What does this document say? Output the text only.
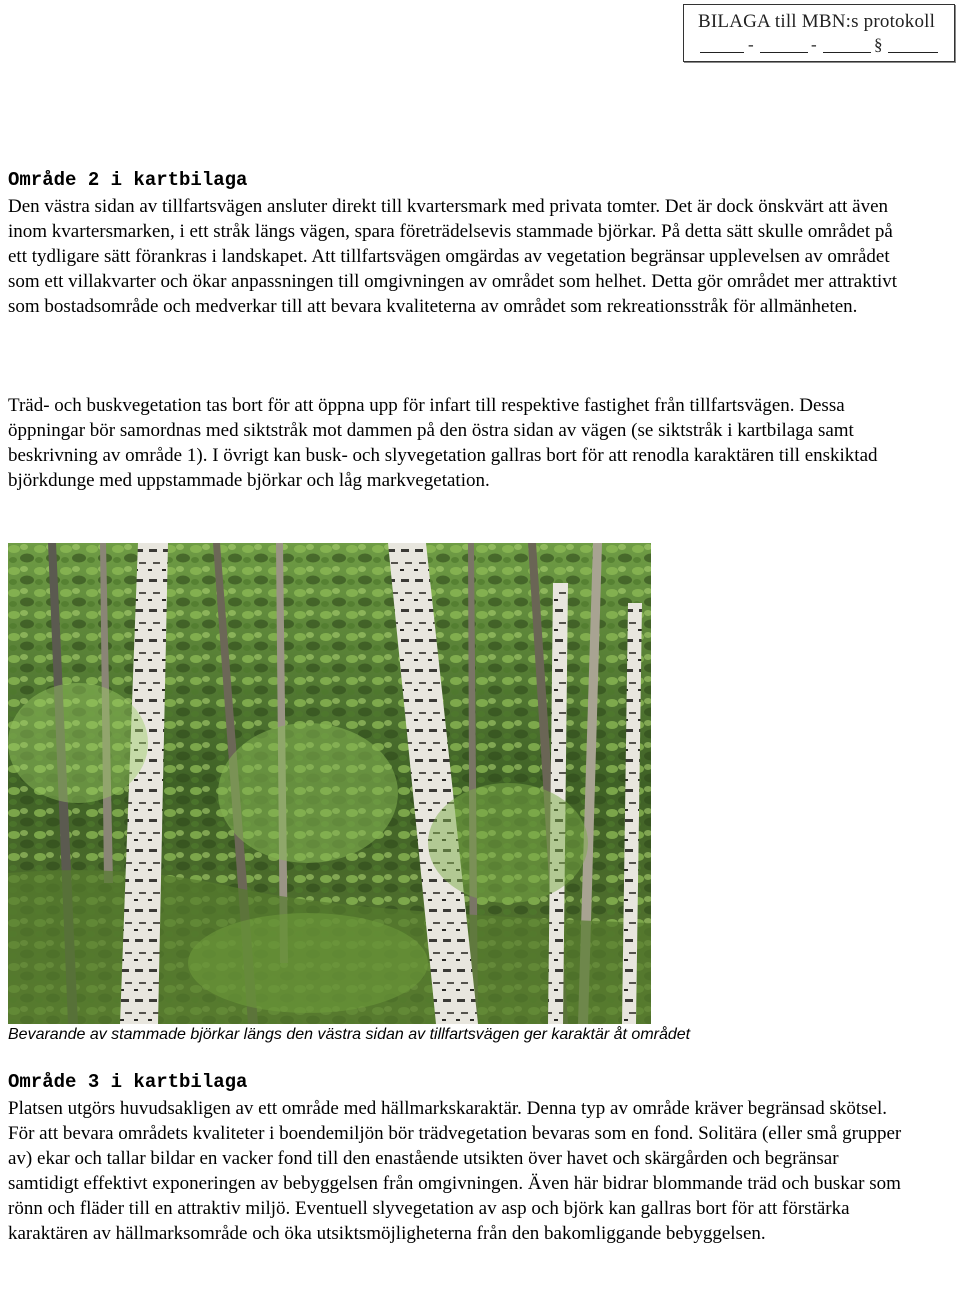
BILAGA till MBN:s protokoll
-	-	§
Område 2 i kartbilaga

Den västra sidan av tillfartsvägen ansluter direkt till kvartersmark med privata tomter. Det är dock önskvärt att även inom kvartersmarken, i ett stråk längs vägen, spara företrädelsevis stammade björkar. På detta sätt skulle området på ett tydligare sätt förankras i landskapet. Att tillfartsvägen omgärdas av vegetation begränsar upplevelsen av området som ett villakvarter och ökar anpassningen till omgivningen av området som helhet. Detta gör området mer attraktivt som bostadsområde och medverkar till att bevara kvaliteterna av området som rekreationsstråk för allmänheten.

Träd- och buskvegetation tas bort för att öppna upp för infart till respektive fastighet från tillfartsvägen. Dessa öppningar bör samordnas med siktstråk mot dammen på den östra sidan av vägen (se siktstråk i kartbilaga samt beskrivning av område 1). I övrigt kan busk- och slyvegetation gallras bort för att renodla karaktären till enskiktad björkdunge med uppstammade björkar och låg markvegetation.

Bevarande av stammade björkar längs den västra sidan av tillfartsvägen ger karaktär åt området
Område 3 i kartbilaga

Platsen utgörs huvudsakligen av ett område med hällmarkskaraktär. Denna typ av område kräver begränsad skötsel. För att bevara områdets kvaliteter i boendemiljön bör trädvegetation bevaras som en fond. Solitära (eller små grupper av) ekar och tallar bildar en vacker fond till den enastående utsikten över havet och skärgården och begränsar samtidigt effektivt exponeringen av bebyggelsen från omgivningen. Även här bidrar blommande träd och buskar som rönn och fläder till en attraktiv miljö. Eventuell slyvegetation av asp och björk kan gallras bort för att förstärka karaktären av hällmarksområde och öka utsiktsmöjligheterna från den bakomliggande bebyggelsen.
